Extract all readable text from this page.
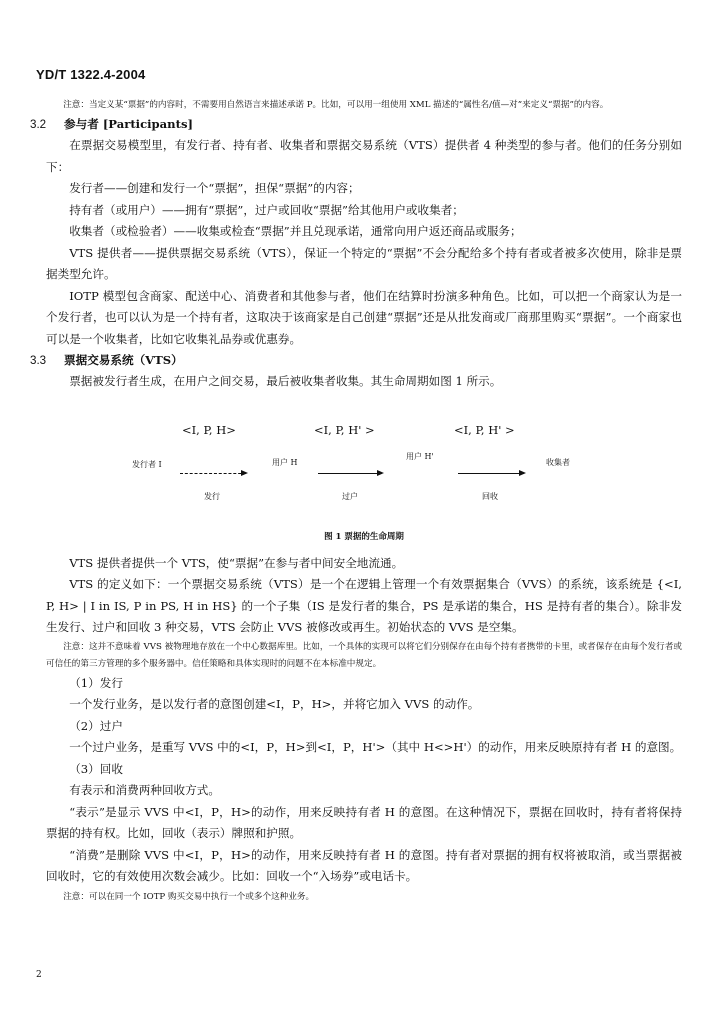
YD/T 1322.4-2004

注意：当定义某“票据”的内容时，不需要用自然语言来描述承诺 P。比如，可以用一组使用 XML 描述的“属性名/值—对”来定义“票据”的内容。

3.2 参与者 [Participants]

在票据交易模型里，有发行者、持有者、收集者和票据交易系统（VTS）提供者 4 种类型的参与者。他们的任务分别如下：

发行者——创建和发行一个“票据”，担保“票据”的内容；

持有者（或用户）——拥有“票据”，过户或回收“票据”给其他用户或收集者；

收集者（或检验者）——收集或检查“票据”并且兑现承诺，通常向用户返还商品或服务；

VTS 提供者——提供票据交易系统（VTS），保证一个特定的“票据”不会分配给多个持有者或者被多次使用，除非是票据类型允许。

IOTP 模型包含商家、配送中心、消费者和其他参与者，他们在结算时扮演多种角色。比如，可以把一个商家认为是一个发行者，也可以认为是一个持有者，这取决于该商家是自己创建“票据”还是从批发商或厂商那里购买“票据”。一个商家也可以是一个收集者，比如它收集礼品券或优惠券。

3.3 票据交易系统（VTS）

票据被发行者生成，在用户之间交易，最后被收集者收集。其生命周期如图 1 所示。

<I, P, H>	<I, P, H' >	<I, P, H' >
发行者 I	用户 H
用户 H'
收集者
发行	过户	回收
图 1 票据的生命周期

VTS 提供者提供一个 VTS，使“票据”在参与者中间安全地流通。

VTS 的定义如下：一个票据交易系统（VTS）是一个在逻辑上管理一个有效票据集合（VVS）的系统，该系统是 {<I, P, H> | I in IS, P in PS, H in HS} 的一个子集（IS 是发行者的集合，PS 是承诺的集合，HS 是持有者的集合）。除非发生发行、过户和回收 3 种交易，VTS 会防止 VVS 被修改或再生。初始状态的 VVS 是空集。

注意：这并不意味着 VVS 被物理地存放在一个中心数据库里。比如，一个具体的实现可以将它们分别保存在由每个持有者携带的卡里，或者保存在由每个发行者或可信任的第三方管理的多个服务器中。信任策略和具体实现时的问题不在本标准中规定。

（1）发行

一个发行业务，是以发行者的意图创建<I，P，H>，并将它加入 VVS 的动作。

（2）过户

一个过户业务，是重写 VVS 中的<I，P，H>到<I，P，H'>（其中 H<>H'）的动作，用来反映原持有者 H 的意图。

（3）回收

有表示和消费两种回收方式。

“表示”是显示 VVS 中<I，P，H>的动作，用来反映持有者 H 的意图。在这种情况下，票据在回收时，持有者将保持票据的持有权。比如，回收（表示）牌照和护照。

“消费”是删除 VVS 中<I，P，H>的动作，用来反映持有者 H 的意图。持有者对票据的拥有权将被取消，或当票据被回收时，它的有效使用次数会减少。比如：回收一个“入场券”或电话卡。

注意：可以在同一个 IOTP 购买交易中执行一个或多个这种业务。

2
